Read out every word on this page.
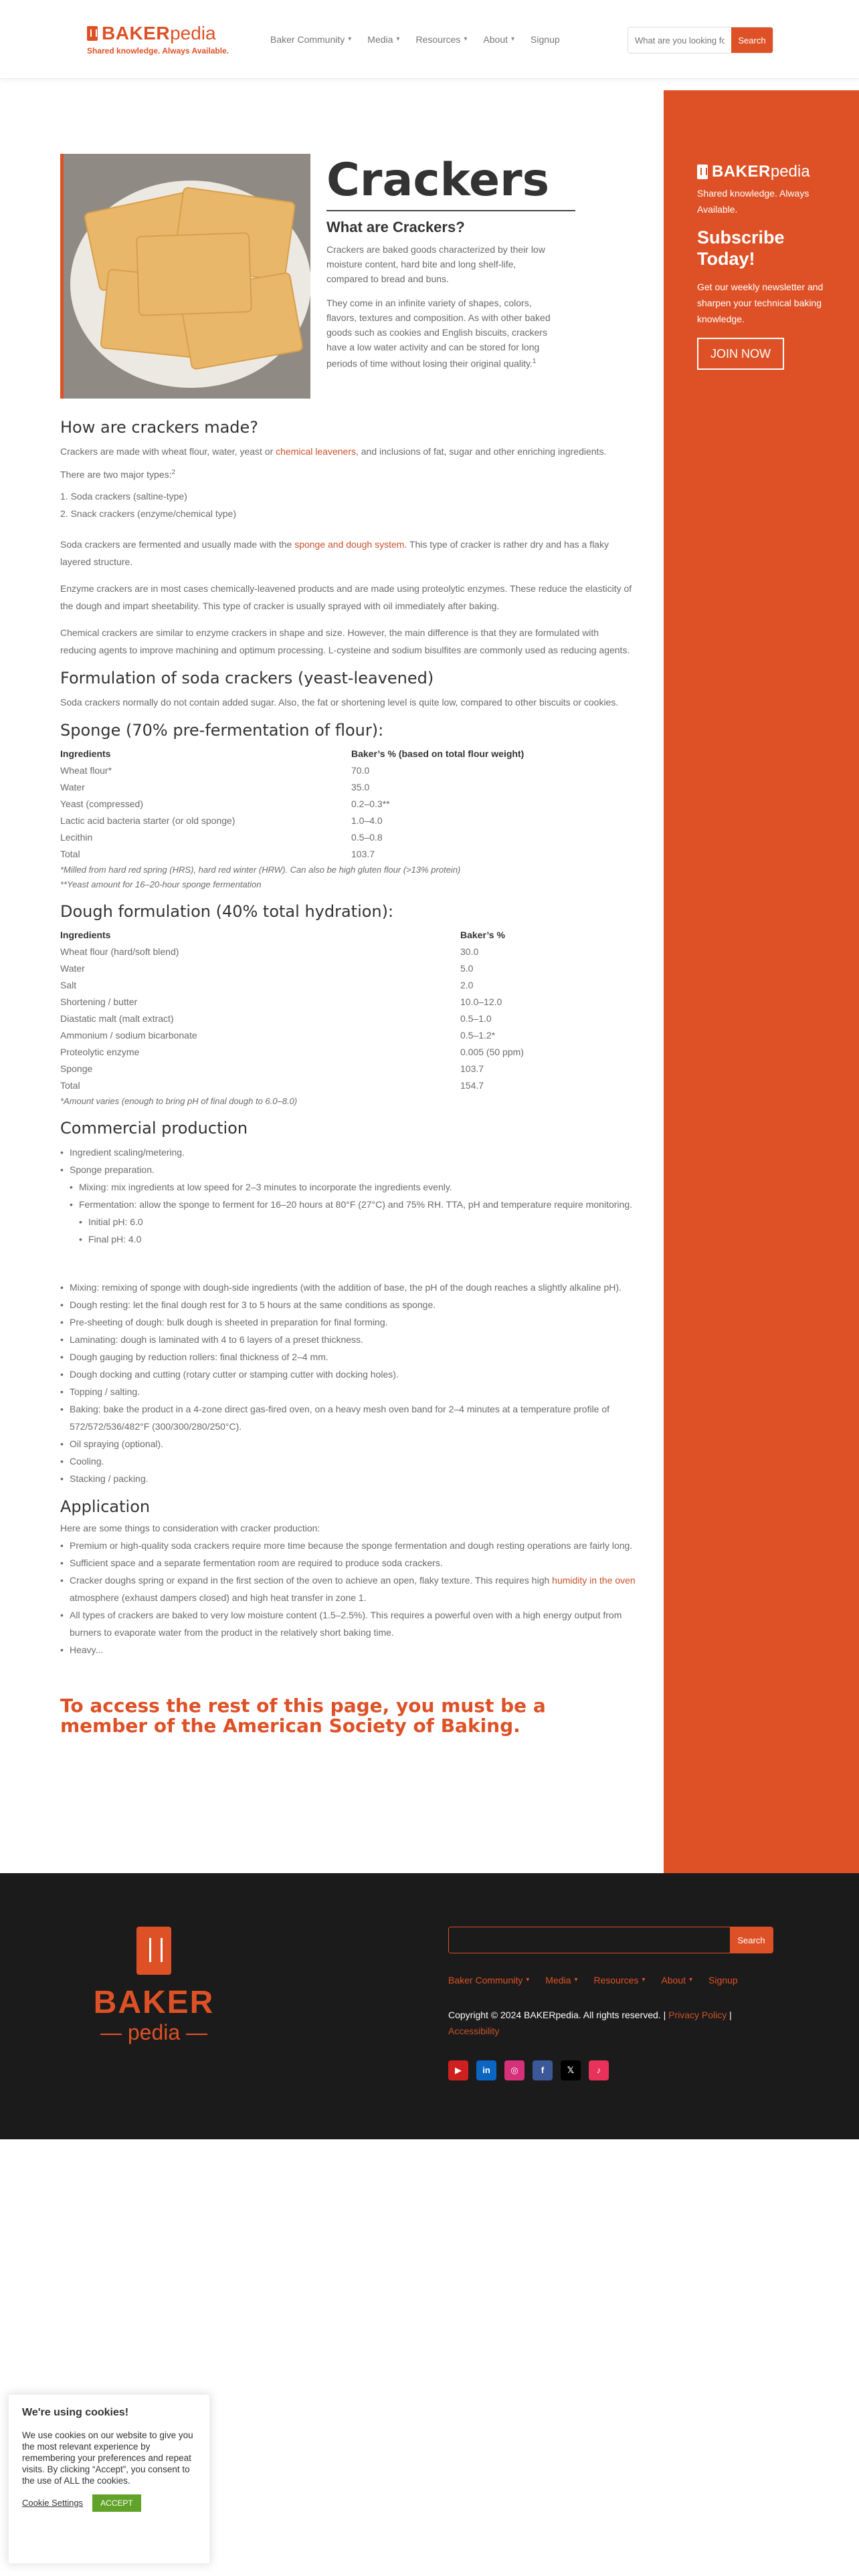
BAKER pedia
Shared knowledge. Always Available.
Baker Community ▾ Media ▾ Resources ▾ About ▾ Signup
What are you looking for?	Search
BAKER pedia
Shared knowledge. Always Available.
Subscribe Today!
Get our weekly newsletter and sharpen your technical baking knowledge.
JOIN NOW
Crackers
What are Crackers?

Crackers are baked goods characterized by their low moisture content, hard bite and long shelf-life, compared to bread and buns.

They come in an infinite variety of shapes, colors, flavors, textures and composition. As with other baked goods such as cookies and English biscuits, crackers have a low water activity and can be stored for long periods of time without losing their original quality.$^1$

How are crackers made?

Crackers are made with wheat flour, water, yeast or chemical leaveners, and inclusions of fat, sugar and other enriching ingredients.

There are two major types:$^2$

1. Soda crackers (saltine-type)
2. Snack crackers (enzyme/chemical type)

Soda crackers are fermented and usually made with the sponge and dough system. This type of cracker is rather dry and has a flaky layered structure.

Enzyme crackers are in most cases chemically-leavened products and are made using proteolytic enzymes. These reduce the elasticity of the dough and impart sheetability. This type of cracker is usually sprayed with oil immediately after baking.

Chemical crackers are similar to enzyme crackers in shape and size. However, the main difference is that they are formulated with reducing agents to improve machining and optimum processing. L-cysteine and sodium bisulfites are commonly used as reducing agents.

Formulation of soda crackers (yeast-leavened)

Soda crackers normally do not contain added sugar. Also, the fat or shortening level is quite low, compared to other biscuits or cookies.

Sponge (70% pre-fermentation of flour):
Ingredients	Baker’s % (based on total flour weight)
Wheat flour*	70.0
Water	35.0
Yeast (compressed)	0.2–0.3**
Lactic acid bacteria starter (or old sponge)	1.0–4.0
Lecithin	0.5–0.8
Total	103.7
*Milled from hard red spring (HRS), hard red winter (HRW). Can also be high gluten flour (>13% protein)
**Yeast amount for 16–20-hour sponge fermentation
Dough formulation (40% total hydration):
Ingredients	Baker’s %
Wheat flour (hard/soft blend)	30.0
Water	5.0
Salt	2.0
Shortening / butter	10.0–12.0
Diastatic malt (malt extract)	0.5–1.0
Ammonium / sodium bicarbonate	0.5–1.2*
Proteolytic enzyme	0.005 (50 ppm)
Sponge	103.7
Total	154.7
*Amount varies (enough to bring pH of final dough to 6.0–8.0)
Commercial production
• Ingredient scaling/metering.
• Sponge preparation.
• Mixing: mix ingredients at low speed for 2–3 minutes to incorporate the ingredients evenly.
• Fermentation: allow the sponge to ferment for 16–20 hours at 80°F (27°C) and 75% RH. TTA, pH and temperature require monitoring.
• Initial pH: 6.0
• Final pH: 4.0
• Mixing: remixing of sponge with dough-side ingredients (with the addition of base, the pH of the dough reaches a slightly alkaline pH).
• Dough resting: let the final dough rest for 3 to 5 hours at the same conditions as sponge.
• Pre-sheeting of dough: bulk dough is sheeted in preparation for final forming.
• Laminating: dough is laminated with 4 to 6 layers of a preset thickness.
• Dough gauging by reduction rollers: final thickness of 2–4 mm.
• Dough docking and cutting (rotary cutter or stamping cutter with docking holes).
• Topping / salting.
• Baking: bake the product in a 4-zone direct gas-fired oven, on a heavy mesh oven band for 2–4 minutes at a temperature profile of 572/572/536/482°F (300/300/280/250°C).
• Oil spraying (optional).
• Cooling.
• Stacking / packing.
Application

Here are some things to consideration with cracker production:

• Premium or high-quality soda crackers require more time because the sponge fermentation and dough resting operations are fairly long.
• Sufficient space and a separate fermentation room are required to produce soda crackers.
• Cracker doughs spring or expand in the first section of the oven to achieve an open, flaky texture. This requires high humidity in the oven atmosphere (exhaust dampers closed) and high heat transfer in zone 1.
• All types of crackers are baked to very low moisture content (1.5–2.5%). This requires a powerful oven with a high energy output from burners to evaporate water from the product in the relatively short baking time.
• Heavy...
To access the rest of this page, you must be a member of the American Society of Baking.
BAKER
— pedia —
Search
Baker Community ▾ Media ▾ Resources ▾ About ▾ Signup
Copyright © 2024 BAKERpedia. All rights reserved. | Privacy Policy |
Accessibility
▶	in	◎	f	𝕏	♪
We're using cookies!
We use cookies on our website to give you the most relevant experience by remembering your preferences and repeat visits. By clicking “Accept”, you consent to the use of ALL the cookies.
Cookie Settings	ACCEPT
